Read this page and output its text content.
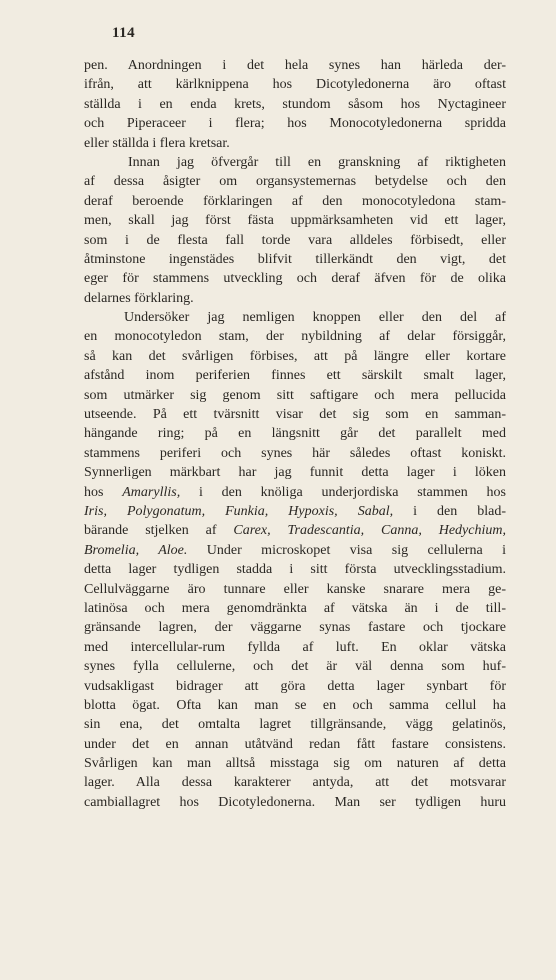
114
pen. Anordningen i det hela synes han härleda der-
ifrån, att kärlknippena hos Dicotyledonerna äro oftast
ställda i en enda krets, stundom såsom hos Nyctagineer
och Piperaceer i flera; hos Monocotyledonerna spridda
eller ställda i flera kretsar.
Innan jag öfvergår till en granskning af riktigheten
af dessa åsigter om organsystemernas betydelse och den
deraf beroende förklaringen af den monocotyledona stam-
men, skall jag först fästa uppmärksamheten vid ett lager,
som i de flesta fall torde vara alldeles förbisedt, eller
åtminstone ingenstädes blifvit tillerkändt den vigt, det
eger för stammens utveckling och deraf äfven för de olika
delarnes förklaring.
Undersöker jag nemligen knoppen eller den del af
en monocotyledon stam, der nybildning af delar försiggår,
så kan det svårligen förbises, att på längre eller kortare
afstånd inom periferien finnes ett särskilt smalt lager,
som utmärker sig genom sitt saftigare och mera pellucida
utseende. På ett tvärsnitt visar det sig som en samman-
hängande ring; på en längsnitt går det parallelt med
stammens periferi och synes här således oftast koniskt.
Synnerligen märkbart har jag funnit detta lager i löken
hos Amaryllis, i den knöliga underjordiska stammen hos
Iris, Polygonatum, Funkia, Hypoxis, Sabal, i den blad-
bärande stjelken af Carex, Tradescantia, Canna, Hedychium,
Bromelia, Aloe. Under microskopet visa sig cellulerna i
detta lager tydligen stadda i sitt första utvecklingsstadium.
Cellulväggarne äro tunnare eller kanske snarare mera ge-
latinösa och mera genomdränkta af vätska än i de till-
gränsande lagren, der väggarne synas fastare och tjockare
med intercellular-rum fyllda af luft. En oklar vätska
synes fylla cellulerne, och det är väl denna som huf-
vudsakligast bidrager att göra detta lager synbart för
blotta ögat. Ofta kan man se en och samma cellul ha
sin ena, det omtalta lagret tillgränsande, vägg gelatinös,
under det en annan utåtvänd redan fått fastare consistens.
Svårligen kan man alltså misstaga sig om naturen af detta
lager. Alla dessa karakterer antyda, att det motsvarar
cambiallagret hos Dicotyledonerna. Man ser tydligen huru
